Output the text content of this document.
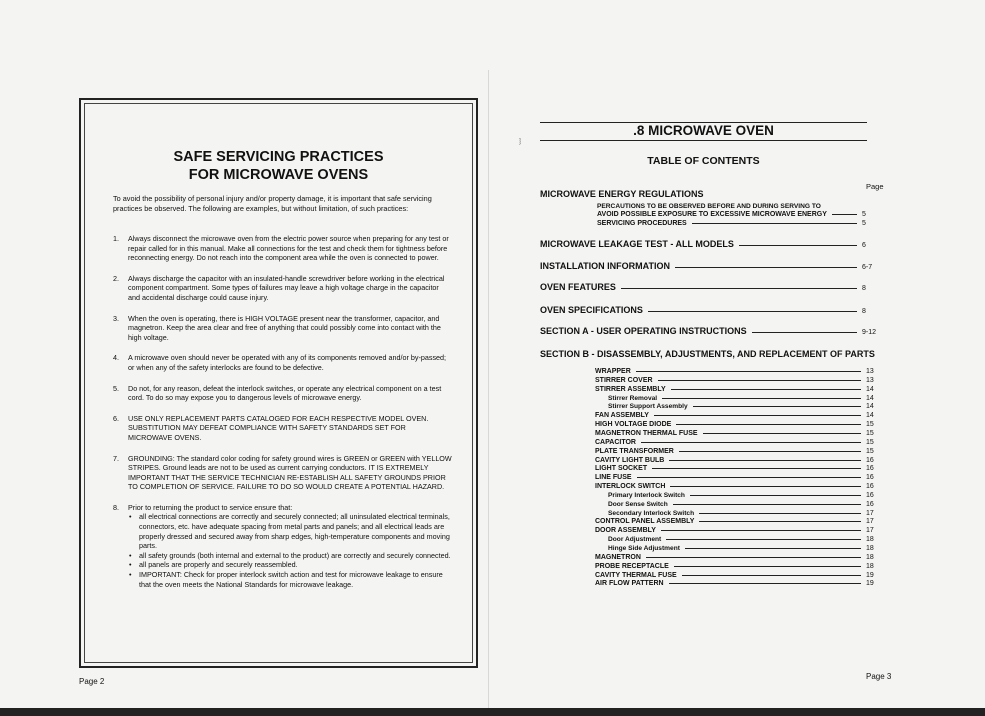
﹜
SAFE SERVICING PRACTICES
FOR MICROWAVE OVENS
To avoid the possibility of personal injury and/or property damage, it is important that safe servicing practices be observed. The following are examples, but without limitation, of such practices:
1. Always disconnect the microwave oven from the electric power source when preparing for any test or repair called for in this manual. Make all connections for the test and check them for tightness before reconnecting energy. Do not reach into the component area while the oven is connected to power.
2. Always discharge the capacitor with an insulated-handle screwdriver before working in the electrical component compartment. Some types of failures may leave a high voltage charge in the capacitor and accidental discharge could cause injury.
3. When the oven is operating, there is HIGH VOLTAGE present near the transformer, capacitor, and magnetron. Keep the area clear and free of anything that could possibly come into contact with the high voltage.
4. A microwave oven should never be operated with any of its components removed and/or by-passed; or when any of the safety interlocks are found to be defective.
5. Do not, for any reason, defeat the interlock switches, or operate any electrical component on a test cord. To do so may expose you to dangerous levels of microwave energy.
6. USE ONLY REPLACEMENT PARTS CATALOGED FOR EACH RESPECTIVE MODEL OVEN. SUBSTITUTION MAY DEFEAT COMPLIANCE WITH SAFETY STANDARDS SET FOR MICROWAVE OVENS.
7. GROUNDING: The standard color coding for safety ground wires is GREEN or GREEN with YELLOW STRIPES. Ground leads are not to be used as current carrying conductors. IT IS EXTREMELY IMPORTANT THAT THE SERVICE TECHNICIAN RE-ESTABLISH ALL SAFETY GROUNDS PRIOR TO COMPLETION OF SERVICE. FAILURE TO DO SO WOULD CREATE A POTENTIAL HAZARD.
8. Prior to returning the product to service ensure that:
• all electrical connections are correctly and securely connected; all uninsulated electrical terminals, connectors, etc. have adequate spacing from metal parts and panels; and all electrical leads are properly dressed and secured away from sharp edges, high-temperature components and moving parts.
• all safety grounds (both internal and external to the product) are correctly and securely connected.
• all panels are properly and securely reassembled.
• IMPORTANT: Check for proper interlock switch action and test for microwave leakage to ensure that the oven meets the National Standards for microwave leakage.
Page 2
.8 MICROWAVE OVEN
TABLE OF CONTENTS
Page
MICROWAVE ENERGY REGULATIONS
PERCAUTIONS TO BE OBSERVED BEFORE AND DURING SERVING TO
AVOID POSSIBLE EXPOSURE TO EXCESSIVE MICROWAVE ENERGY	5
SERVICING PROCEDURES	5
MICROWAVE LEAKAGE TEST - ALL MODELS	6
INSTALLATION INFORMATION	6-7
OVEN FEATURES	8
OVEN SPECIFICATIONS	8
SECTION A - USER OPERATING INSTRUCTIONS	9-12
SECTION B - DISASSEMBLY, ADJUSTMENTS, AND REPLACEMENT OF PARTS
WRAPPER	13
STIRRER COVER	13
STIRRER ASSEMBLY	14
Stirrer Removal	14
Stirrer Support Assembly	14
FAN ASSEMBLY	14
HIGH VOLTAGE DIODE	15
MAGNETRON THERMAL FUSE	15
CAPACITOR	15
PLATE TRANSFORMER	15
CAVITY LIGHT BULB	16
LIGHT SOCKET	16
LINE FUSE	16
INTERLOCK SWITCH	16
Primary Interlock Switch	16
Door Sense Switch	16
Secondary Interlock Switch	17
CONTROL PANEL ASSEMBLY	17
DOOR ASSEMBLY	17
Door Adjustment	18
Hinge Side Adjustment	18
MAGNETRON	18
PROBE RECEPTACLE	18
CAVITY THERMAL FUSE	19
AIR FLOW PATTERN	19
Page 3
